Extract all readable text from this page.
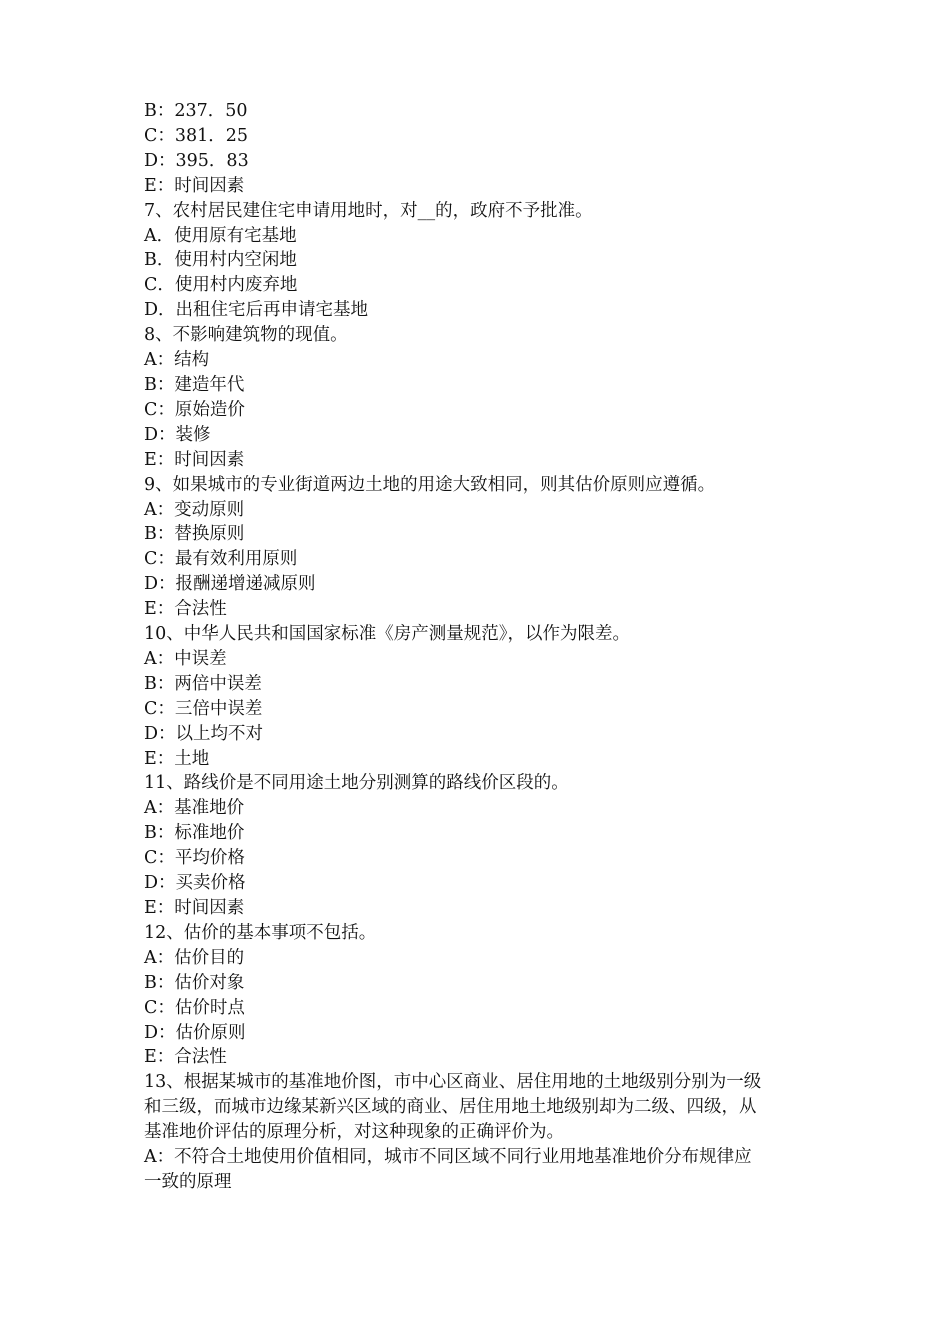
B：237．50

C：381．25

D：395．83

E：时间因素

7、农村居民建住宅申请用地时，对__的，政府不予批准。

A．使用原有宅基地

B．使用村内空闲地

C．使用村内废弃地

D．出租住宅后再申请宅基地

8、不影响建筑物的现值。

A：结构

B：建造年代

C：原始造价

D：装修

E：时间因素

9、如果城市的专业街道两边土地的用途大致相同，则其估价原则应遵循。

A：变动原则

B：替换原则

C：最有效利用原则

D：报酬递增递减原则

E：合法性

10、中华人民共和国国家标准《房产测量规范》，以作为限差。

A：中误差

B：两倍中误差

C：三倍中误差

D：以上均不对

E：土地

11、路线价是不同用途土地分别测算的路线价区段的。

A：基准地价

B：标准地价

C：平均价格

D：买卖价格

E：时间因素

12、估价的基本事项不包括。

A：估价目的

B：估价对象

C：估价时点

D：估价原则

E：合法性

13、根据某城市的基准地价图，市中心区商业、居住用地的土地级别分别为一级

和三级，而城市边缘某新兴区域的商业、居住用地土地级别却为二级、四级，从

基准地价评估的原理分析，对这种现象的正确评价为。

A：不符合土地使用价值相同，城市不同区域不同行业用地基准地价分布规律应

一致的原理
